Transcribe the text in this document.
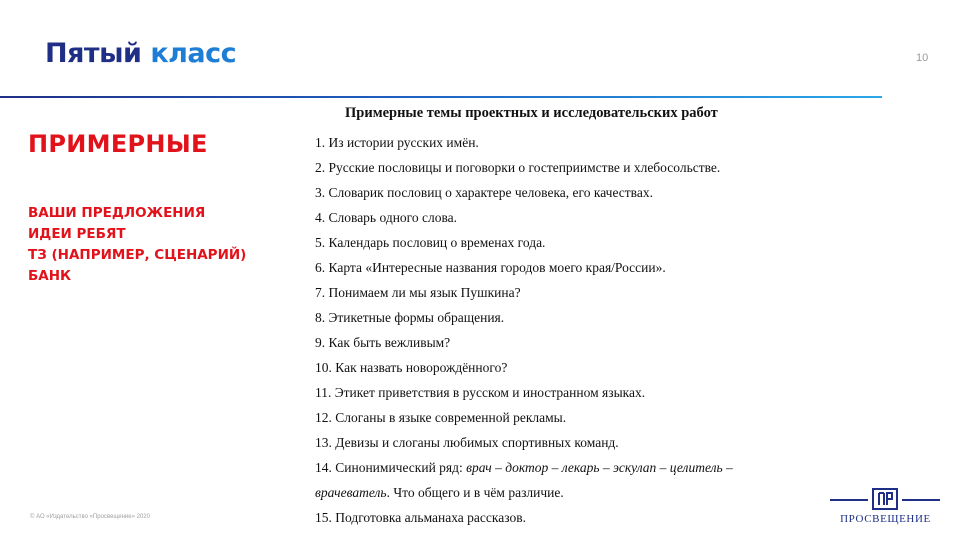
Пятый класс	10
ПРИМЕРНЫЕ
ВАШИ ПРЕДЛОЖЕНИЯ
ИДЕИ РЕБЯТ
ТЗ (НАПРИМЕР, СЦЕНАРИЙ)
БАНК
Примерные темы проектных и исследовательских работ
1. Из истории русских имён.
2. Русские пословицы и поговорки о гостеприимстве и хлебосольстве.
3. Словарик пословиц о характере человека, его качествах.
4. Словарь одного слова.
5. Календарь пословиц о временах года.
6. Карта «Интересные названия городов моего края/России».
7. Понимаем ли мы язык Пушкина?
8. Этикетные формы обращения.
9. Как быть вежливым?
10. Как назвать новорождённого?
11. Этикет приветствия в русском и иностранном языках.
12. Слоганы в языке современной рекламы.
13. Девизы и слоганы любимых спортивных команд.
14. Синонимический ряд: врач – доктор – лекарь – эскулап – целитель –
врачеватель. Что общего и в чём различие.
15. Подготовка альманаха рассказов.
© АО «Издательство «Просвещение» 2020	ПРОСВЕЩЕНИЕ
